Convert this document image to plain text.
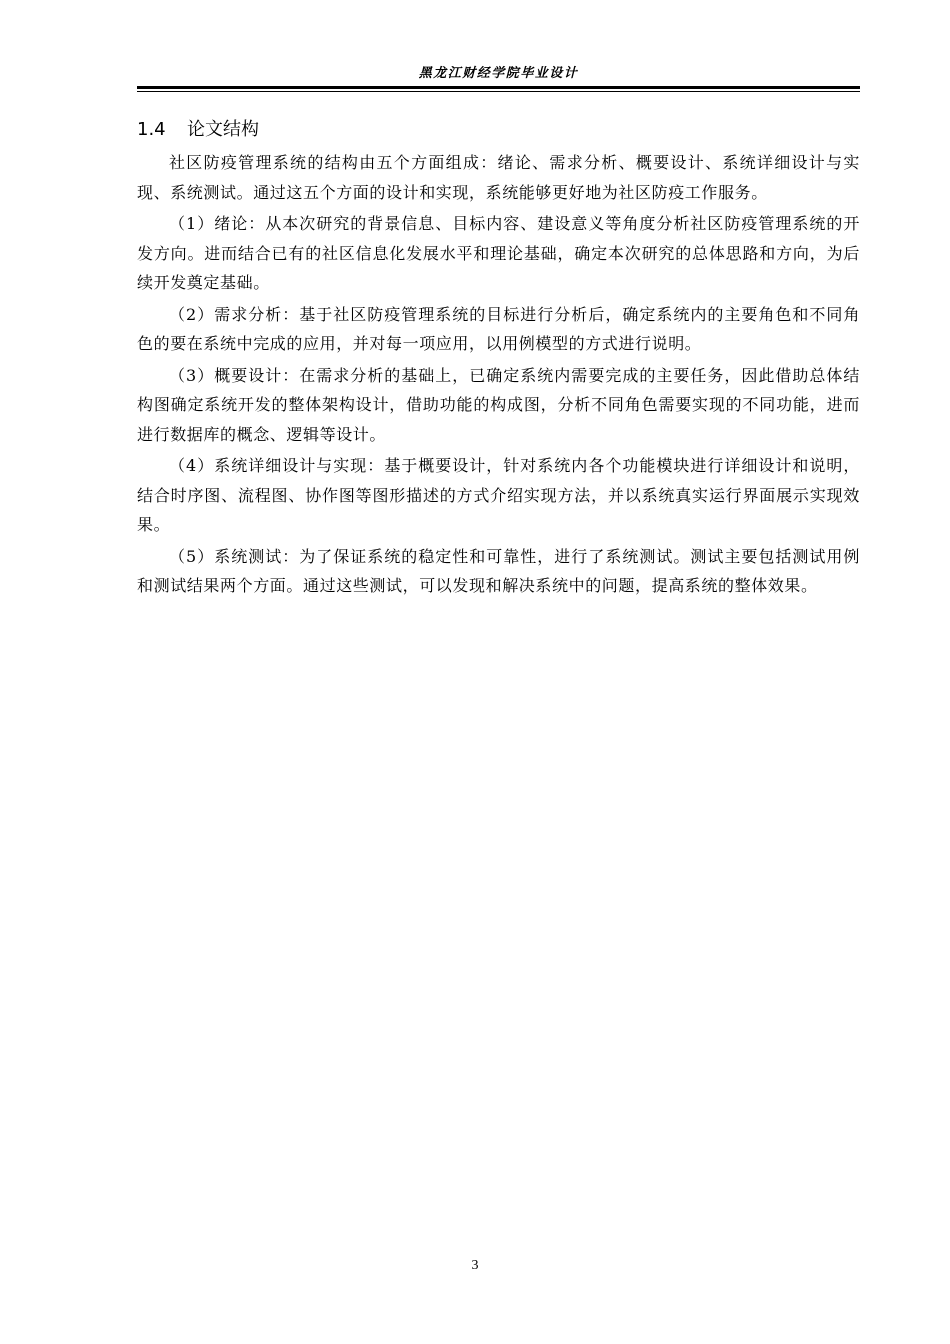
黑龙江财经学院毕业设计
1.4 论文结构

社区防疫管理系统的结构由五个方面组成：绪论、需求分析、概要设计、系统详细设计与实现、系统测试。通过这五个方面的设计和实现，系统能够更好地为社区防疫工作服务。

（1）绪论：从本次研究的背景信息、目标内容、建设意义等角度分析社区防疫管理系统的开发方向。进而结合已有的社区信息化发展水平和理论基础，确定本次研究的总体思路和方向，为后续开发奠定基础。

（2）需求分析：基于社区防疫管理系统的目标进行分析后，确定系统内的主要角色和不同角色的要在系统中完成的应用，并对每一项应用，以用例模型的方式进行说明。

（3）概要设计：在需求分析的基础上，已确定系统内需要完成的主要任务，因此借助总体结构图确定系统开发的整体架构设计，借助功能的构成图，分析不同角色需要实现的不同功能，进而进行数据库的概念、逻辑等设计。

（4）系统详细设计与实现：基于概要设计，针对系统内各个功能模块进行详细设计和说明，结合时序图、流程图、协作图等图形描述的方式介绍实现方法，并以系统真实运行界面展示实现效果。

（5）系统测试：为了保证系统的稳定性和可靠性，进行了系统测试。测试主要包括测试用例和测试结果两个方面。通过这些测试，可以发现和解决系统中的问题，提高系统的整体效果。

3
